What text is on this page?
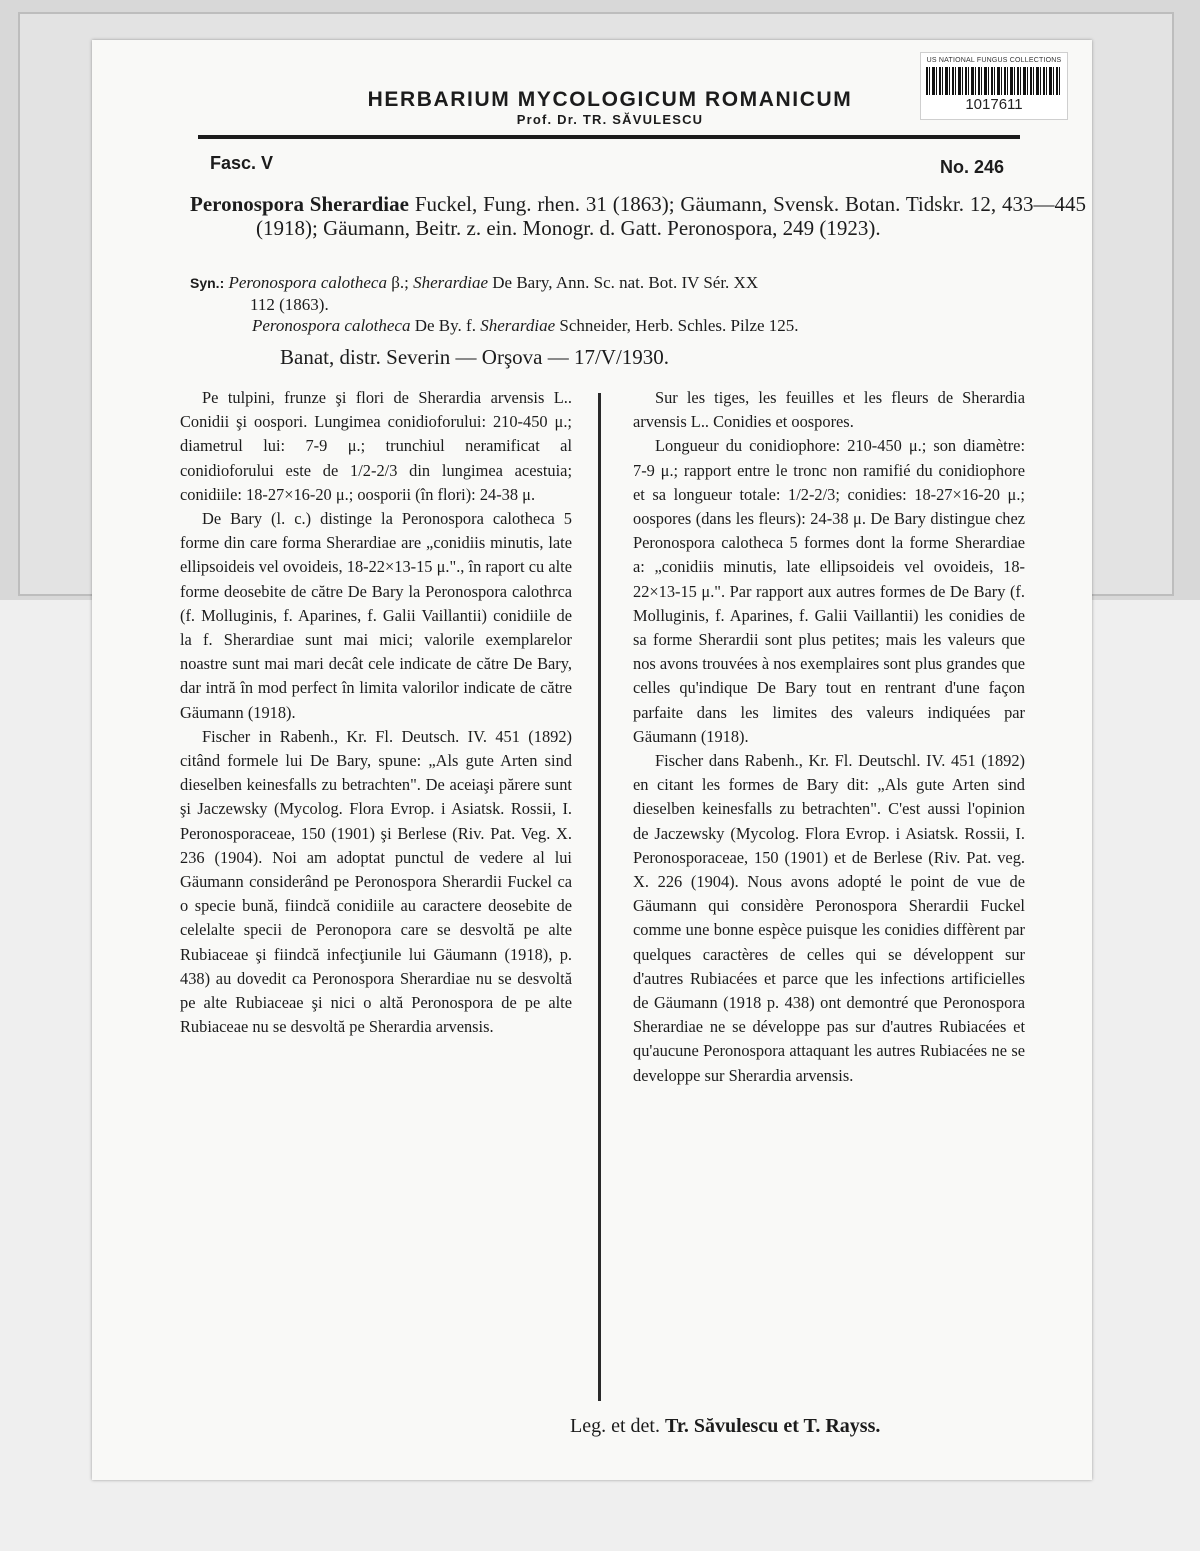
US NATIONAL FUNGUS COLLECTIONS
1017611
HERBARIUM MYCOLOGICUM ROMANICUM
Prof. Dr. TR. SĂVULESCU
Fasc. V	No. 246
Peronospora Sherardiae Fuckel, Fung. rhen. 31 (1863); Gäumann, Svensk. Botan. Tidskr. 12, 433—445 (1918); Gäumann, Beitr. z. ein. Monogr. d. Gatt. Peronospora, 249 (1923).
Syn.: Peronospora calotheca β.; Sherardiae De Bary, Ann. Sc. nat. Bot. IV Sér. XX
112 (1863).
Peronospora calotheca De By. f. Sherardiae Schneider, Herb. Schles. Pilze 125.
Banat, distr. Severin — Orşova — 17/V/1930.

Pe tulpini, frunze şi flori de Sherardia arvensis L.. Conidii şi oospori. Lungimea conidioforului: 210-450 μ.; diametrul lui: 7-9 μ.; trunchiul neramificat al conidioforului este de 1/2-2/3 din lungimea acestuia; conidiile: 18-27×16-20 μ.; oosporii (în flori): 24-38 μ.

De Bary (l. c.) distinge la Peronospora calotheca 5 forme din care forma Sherardiae are „conidiis minutis, late ellipsoideis vel ovoideis, 18-22×13-15 μ."., în raport cu alte forme deosebite de către De Bary la Peronospora calothrca (f. Molluginis, f. Aparines, f. Galii Vaillantii) conidiile de la f. Sherardiae sunt mai mici; valorile exemplarelor noastre sunt mai mari decât cele indicate de către De Bary, dar intră în mod perfect în limita valorilor indicate de către Gäumann (1918).

Fischer in Rabenh., Kr. Fl. Deutsch. IV. 451 (1892) citând formele lui De Bary, spune: „Als gute Arten sind dieselben keinesfalls zu betrachten". De aceiaşi părere sunt şi Jaczewsky (Mycolog. Flora Evrop. i Asiatsk. Rossii, I. Peronosporaceae, 150 (1901) şi Berlese (Riv. Pat. Veg. X. 236 (1904). Noi am adoptat punctul de vedere al lui Gäumann considerând pe Peronospora Sherardii Fuckel ca o specie bună, fiindcă conidiile au caractere deosebite de celelalte specii de Peronopora care se desvoltă pe alte Rubiaceae şi fiindcă infecţiunile lui Gäumann (1918), p. 438) au dovedit ca Peronospora Sherardiae nu se desvoltă pe alte Rubiaceae şi nici o altă Peronospora de pe alte Rubiaceae nu se desvoltă pe Sherardia arvensis.

Sur les tiges, les feuilles et les fleurs de Sherardia arvensis L.. Conidies et oospores.

Longueur du conidiophore: 210-450 μ.; son diamètre: 7-9 μ.; rapport entre le tronc non ramifié du conidiophore et sa longueur totale: 1/2-2/3; conidies: 18-27×16-20 μ.; oospores (dans les fleurs): 24-38 μ. De Bary distingue chez Peronospora calotheca 5 formes dont la forme Sherardiae a: „conidiis minutis, late ellipsoideis vel ovoideis, 18-22×13-15 μ.". Par rapport aux autres formes de De Bary (f. Molluginis, f. Aparines, f. Galii Vaillantii) les conidies de sa forme Sherardii sont plus petites; mais les valeurs que nos avons trouvées à nos exemplaires sont plus grandes que celles qu'indique De Bary tout en rentrant d'une façon parfaite dans les limites des valeurs indiquées par Gäumann (1918).

Fischer dans Rabenh., Kr. Fl. Deutschl. IV. 451 (1892) en citant les formes de Bary dit: „Als gute Arten sind dieselben keinesfalls zu betrachten". C'est aussi l'opinion de Jaczewsky (Mycolog. Flora Evrop. i Asiatsk. Rossii, I. Peronosporaceae, 150 (1901) et de Berlese (Riv. Pat. veg. X. 226 (1904). Nous avons adopté le point de vue de Gäumann qui considère Peronospora Sherardii Fuckel comme une bonne espèce puisque les conidies diffèrent par quelques caractères de celles qui se développent sur d'autres Rubiacées et parce que les infections artificielles de Gäumann (1918 p. 438) ont demontré que Peronospora Sherardiae ne se développe pas sur d'autres Rubiacées et qu'aucune Peronospora attaquant les autres Rubiacées ne se developpe sur Sherardia arvensis.

Leg. et det. Tr. Săvulescu et T. Rayss.
